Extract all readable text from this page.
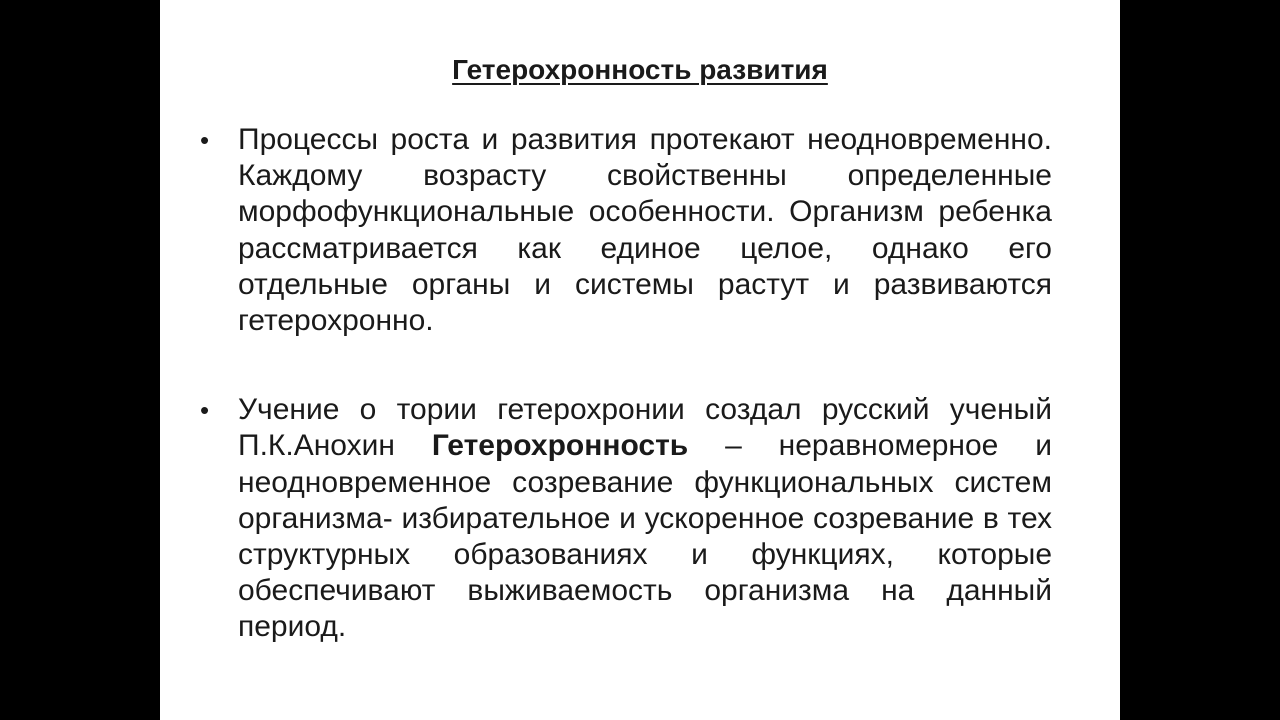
Гетерохронность развития
• Процессы роста и развития протекают неодновременно. Каждому возрасту свойственны определенные морфофункциональные особенности. Организм ребенка рассматривается как единое целое, однако его отдельные органы и системы растут и развиваются гетерохронно.
• Учение о тории гетерохронии создал русский ученый П.К.Анохин Гетерохронность – неравномерное и неодновременное созревание функциональных систем организма- избирательное и ускоренное созревание в тех структурных образованиях и функциях, которые обеспечивают выживаемость организма на данный период.
